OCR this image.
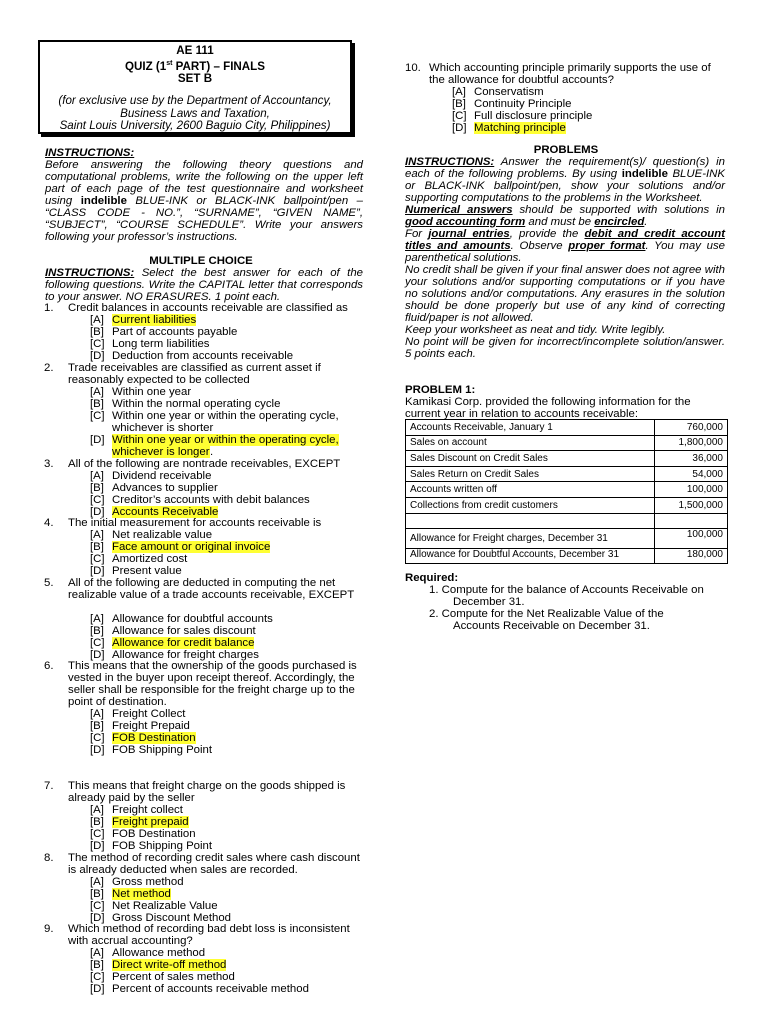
AE 111
QUIZ (1st PART) – FINALS
SET B
(for exclusive use by the Department of Accountancy,
Business Laws and Taxation,
Saint Louis University, 2600 Baguio City, Philippines)
INSTRUCTIONS:
Before answering the following theory questions and computational problems, write the following on the upper left part of each page of the test questionnaire and worksheet using indelible BLUE-INK or BLACK-INK ballpoint/pen – “CLASS CODE - NO.”, “SURNAME”, “GIVEN NAME”, “SUBJECT”, “COURSE SCHEDULE”. Write your answers following your professor’s instructions.
MULTIPLE CHOICE
INSTRUCTIONS: Select the best answer for each of the following questions. Write the CAPITAL letter that corresponds to your answer. NO ERASURES. 1 point each.
1. Credit balances in accounts receivable are classified as
[A] Current liabilities
[B] Part of accounts payable
[C] Long term liabilities
[D] Deduction from accounts receivable
2. Trade receivables are classified as current asset if reasonably expected to be collected
[A] Within one year
[B] Within the normal operating cycle
[C] Within one year or within the operating cycle,
whichever is shorter
[D] Within one year or within the operating cycle,
whichever is longer .
3. All of the following are nontrade receivables, EXCEPT
[A] Dividend receivable
[B] Advances to supplier
[C] Creditor’s accounts with debit balances
[D] Accounts Receivable
4. The initial measurement for accounts receivable is
[A] Net realizable value
[B] Face amount or original invoice
[C] Amortized cost
[D] Present value
5. All of the following are deducted in computing the net realizable value of a trade accounts receivable, EXCEPT
[A] Allowance for doubtful accounts
[B] Allowance for sales discount
[C] Allowance for credit balance
[D] Allowance for freight charges
6. This means that the ownership of the goods purchased is vested in the buyer upon receipt thereof. Accordingly, the seller shall be responsible for the freight charge up to the point of destination.
[A] Freight Collect
[B] Freight Prepaid
[C] FOB Destination
[D] FOB Shipping Point
7. This means that freight charge on the goods shipped is already paid by the seller
[A] Freight collect
[B] Freight prepaid
[C] FOB Destination
[D] FOB Shipping Point
8. The method of recording credit sales where cash discount is already deducted when sales are recorded.
[A] Gross method
[B] Net method
[C] Net Realizable Value
[D] Gross Discount Method
9. Which method of recording bad debt loss is inconsistent with accrual accounting?
[A] Allowance method
[B] Direct write-off method
[C] Percent of sales method
[D] Percent of accounts receivable method
10. Which accounting principle primarily supports the use of the allowance for doubtful accounts?
[A] Conservatism
[B] Continuity Principle
[C] Full disclosure principle
[D] Matching principle
PROBLEMS
INSTRUCTIONS: Answer the requirement(s)/ question(s) in each of the following problems. By using indelible BLUE-INK or BLACK-INK ballpoint/pen, show your solutions and/or supporting computations to the problems in the Worksheet.
Numerical answers should be supported with solutions in good accounting form and must be encircled.
For journal entries, provide the debit and credit account titles and amounts. Observe proper format. You may use parenthetical solutions.
No credit shall be given if your final answer does not agree with your solutions and/or supporting computations or if you have no solutions and/or computations. Any erasures in the solution should be done properly but use of any kind of correcting fluid/paper is not allowed.
Keep your worksheet as neat and tidy. Write legibly.
No point will be given for incorrect/incomplete solution/answer. 5 points each.
PROBLEM 1:
Kamikasi Corp. provided the following information for the current year in relation to accounts receivable:
Accounts Receivable, January 1	760,000
Sales on account	1,800,000
Sales Discount on Credit Sales	36,000
Sales Return on Credit Sales	54,000
Accounts written off	100,000
Collections from credit customers	1,500,000

Allowance for Freight charges, December 31	100,000
Allowance for Doubtful Accounts, December 31	180,000
Required:
1. Compute for the balance of Accounts Receivable on
December 31.
2. Compute for the Net Realizable Value of the
Accounts Receivable on December 31.
